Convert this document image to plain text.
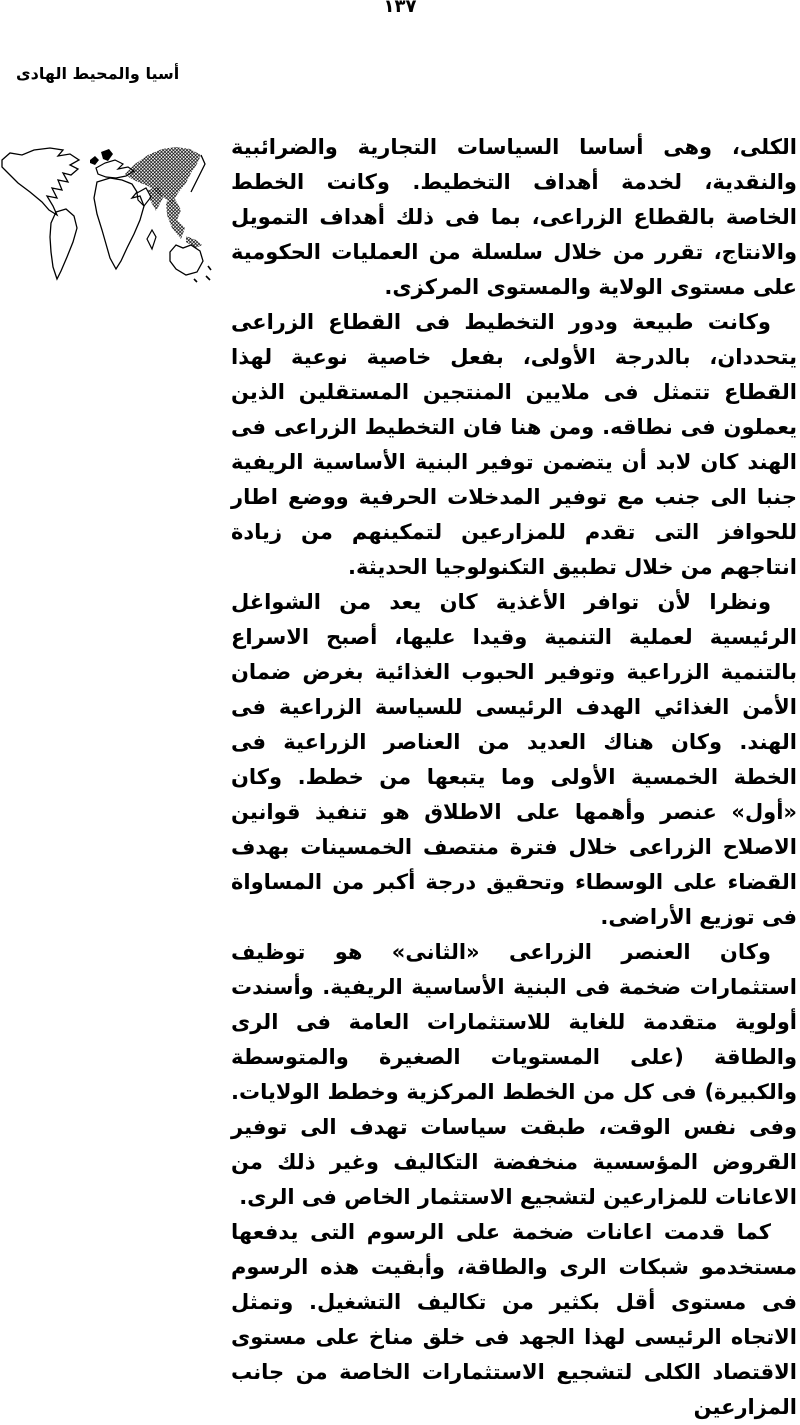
١٣٧
أسيا والمحيط الهادى

الكلى، وهى أساسا السياسات التجارية والضرائبية والنقدية، لخدمة أهداف التخطيط. وكانت الخطط الخاصة بالقطاع الزراعى، بما فى ذلك أهداف التمويل والانتاج، تقرر من خلال سلسلة من العمليات الحكومية على مستوى الولاية والمستوى المركزى.

وكانت طبيعة ودور التخطيط فى القطاع الزراعى يتحددان، بالدرجة الأولى، بفعل خاصية نوعية لهذا القطاع تتمثل فى ملايين المنتجين المستقلين الذين يعملون فى نطاقه. ومن هنا فان التخطيط الزراعى فى الهند كان لابد أن يتضمن توفير البنية الأساسية الريفية جنبا الى جنب مع توفير المدخلات الحرفية ووضع اطار للحوافز التى تقدم للمزارعين لتمكينهم من زيادة انتاجهم من خلال تطبيق التكنولوجيا الحديثة.

ونظرا لأن توافر الأغذية كان يعد من الشواغل الرئيسية لعملية التنمية وقيدا عليها، أصبح الاسراع بالتنمية الزراعية وتوفير الحبوب الغذائية بغرض ضمان الأمن الغذائي الهدف الرئيسى للسياسة الزراعية فى الهند. وكان هناك العديد من العناصر الزراعية فى الخطة الخمسية الأولى وما يتبعها من خطط. وكان «أول» عنصر وأهمها على الاطلاق هو تنفيذ قوانين الاصلاح الزراعى خلال فترة منتصف الخمسينات بهدف القضاء على الوسطاء وتحقيق درجة أكبر من المساواة فى توزيع الأراضى.

وكان العنصر الزراعى «الثانى» هو توظيف استثمارات ضخمة فى البنية الأساسية الريفية. وأسندت أولوية متقدمة للغاية للاستثمارات العامة فى الرى والطاقة (على المستويات الصغيرة والمتوسطة والكبيرة) فى كل من الخطط المركزية وخطط الولايات. وفى نفس الوقت، طبقت سياسات تهدف الى توفير القروض المؤسسية منخفضة التكاليف وغير ذلك من الاعانات للمزارعين لتشجيع الاستثمار الخاص فى الرى.

كما قدمت اعانات ضخمة على الرسوم التى يدفعها مستخدمو شبكات الرى والطاقة، وأبقيت هذه الرسوم فى مستوى أقل بكثير من تكاليف التشغيل. وتمثل الاتجاه الرئيسى لهذا الجهد فى خلق مناخ على مستوى الاقتصاد الكلى لتشجيع الاستثمارات الخاصة من جانب المزارعين
